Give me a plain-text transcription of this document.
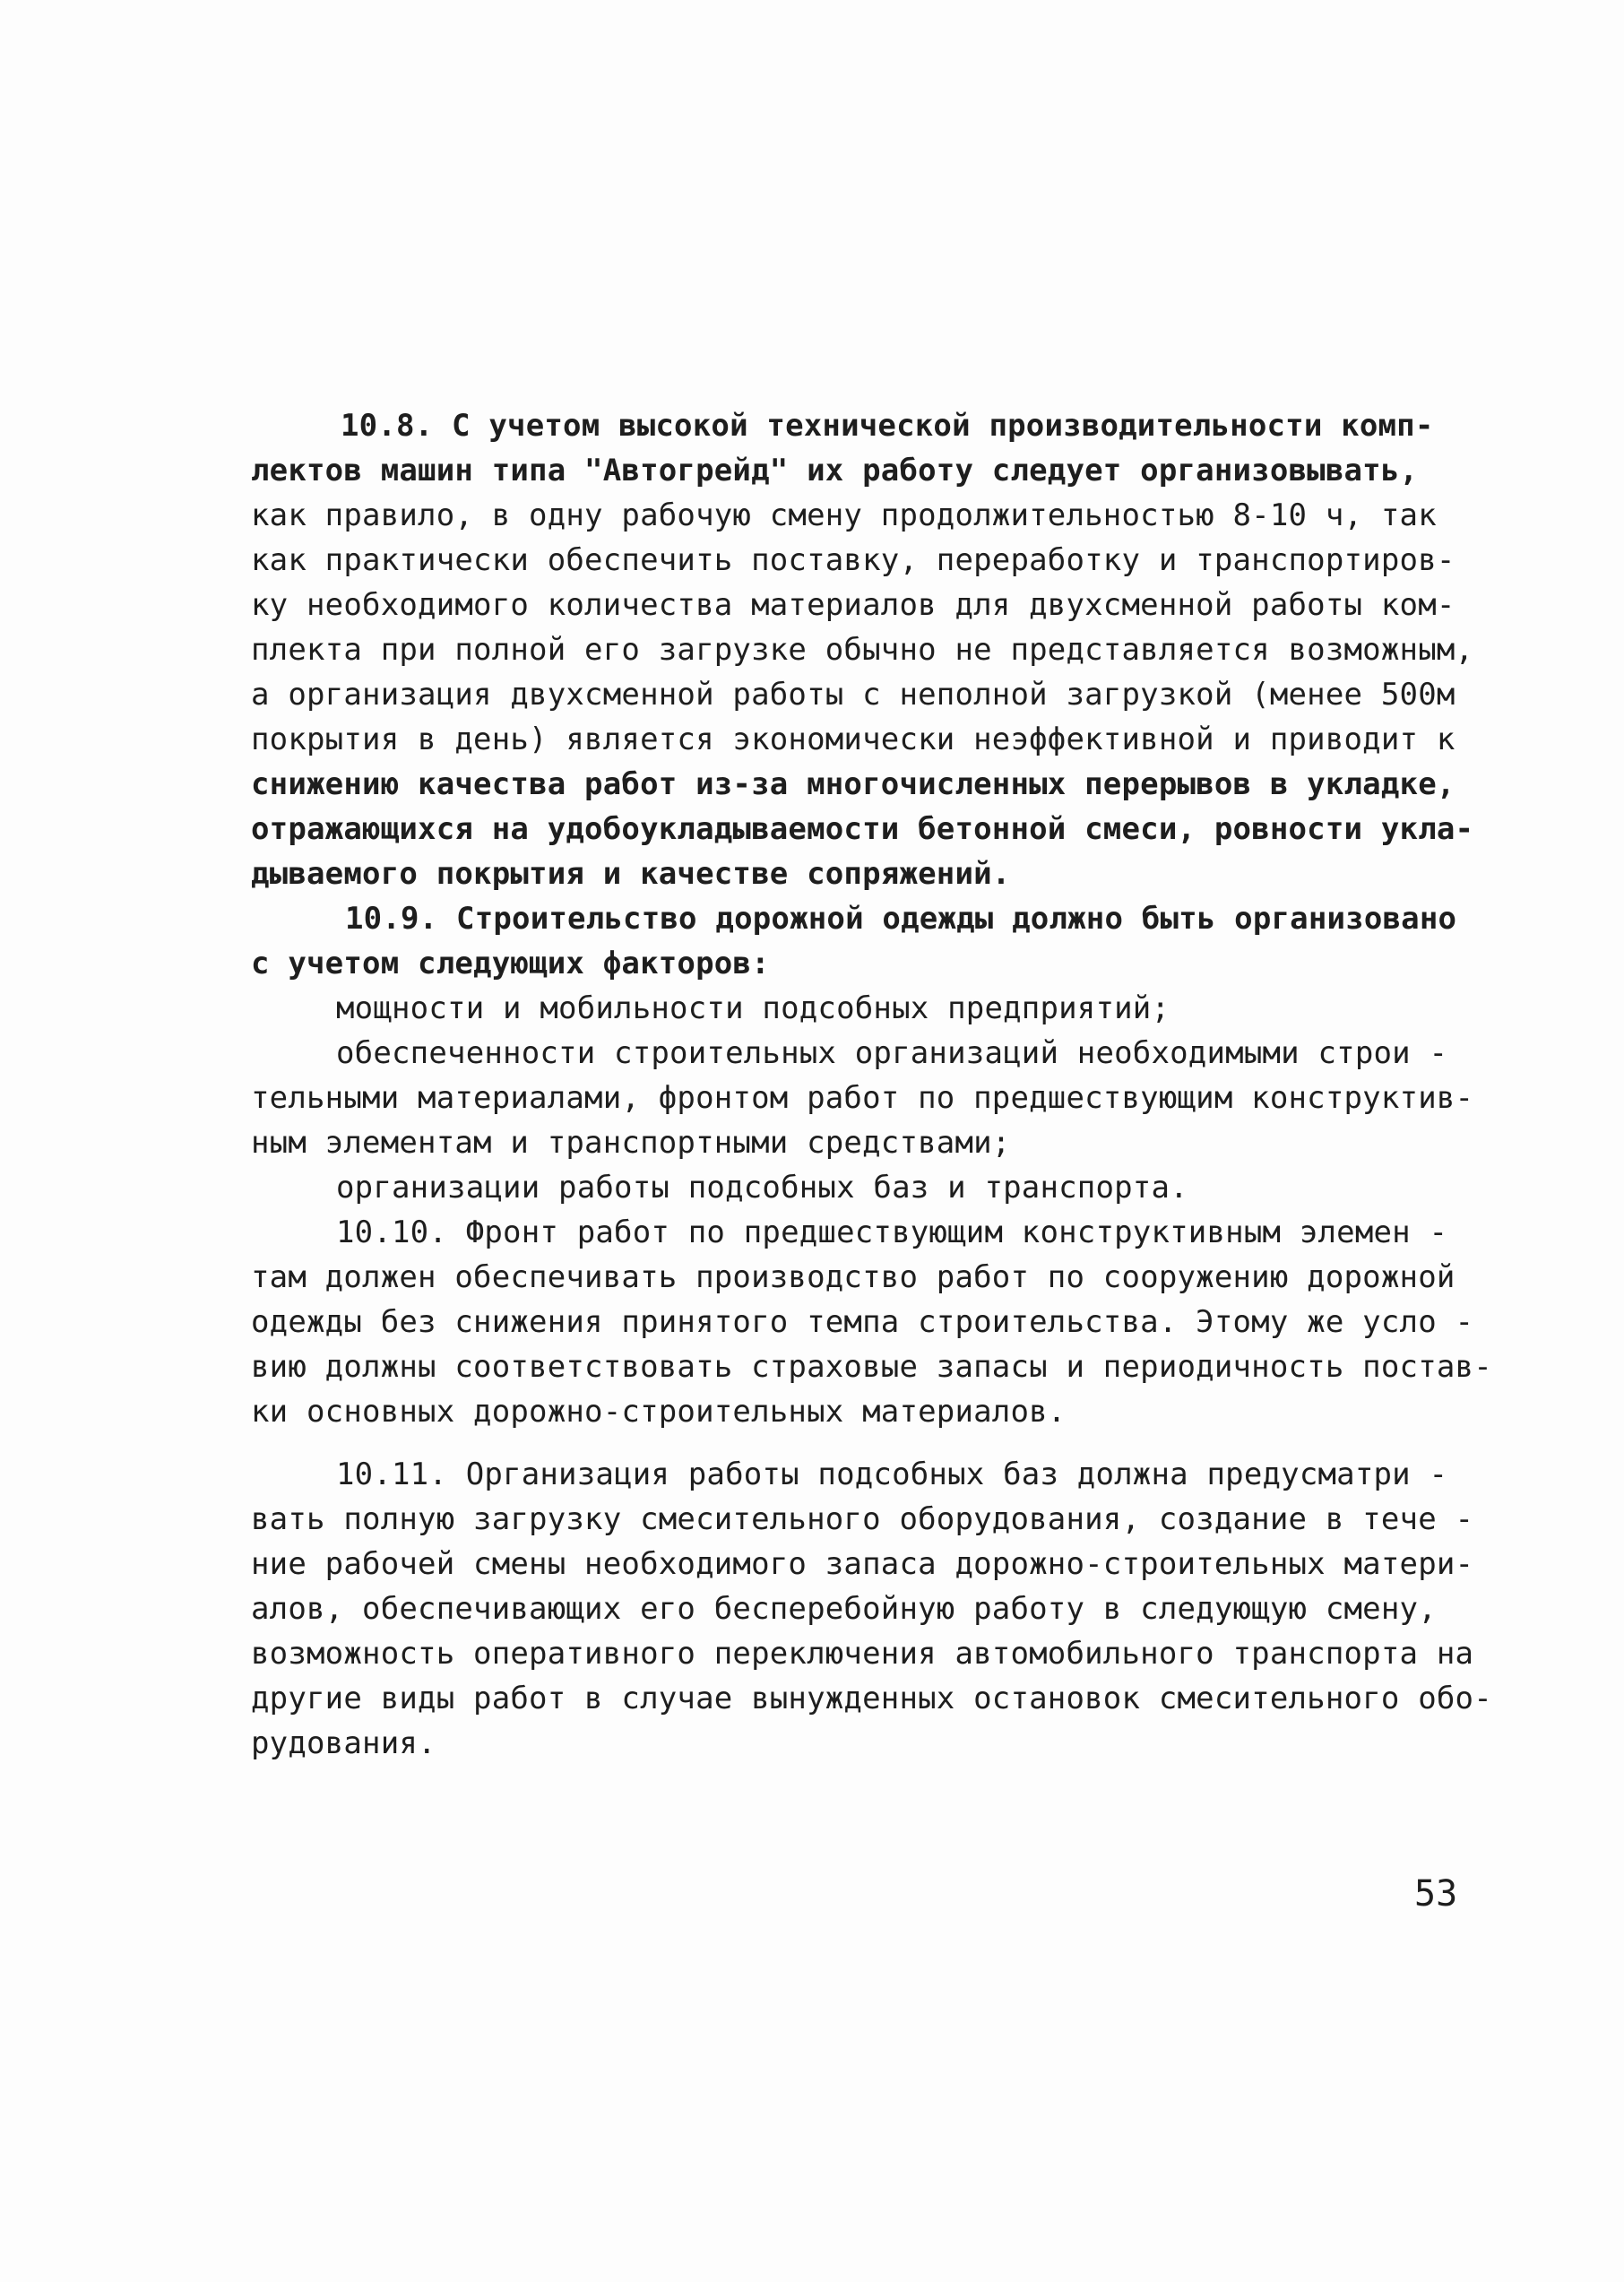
10.8. С учетом высокой технической производительности комп-
лектов машин типа "Автогрейд" их работу следует организовывать,
как правило, в одну рабочую смену продолжительностью 8-10 ч, так
как практически обеспечить поставку, переработку и транспортиров-
ку необходимого количества материалов для двухсменной работы ком-
плекта при полной его загрузке обычно не представляется возможным,
а организация двухсменной работы с неполной загрузкой (менее 500м
покрытия в день) является экономически неэффективной и приводит к
снижению качества работ из-за многочисленных перерывов в укладке,
отражающихся на удобоукладываемости бетонной смеси, ровности укла-
дываемого покрытия и качестве сопряжений.
10.9. Строительство дорожной одежды должно быть организовано
с учетом следующих факторов:
мощности и мобильности подсобных предприятий;
обеспеченности строительных организаций необходимыми строи -
тельными материалами, фронтом работ по предшествующим конструктив-
ным элементам и транспортными средствами;
организации работы подсобных баз и транспорта.
10.10. Фронт работ по предшествующим конструктивным элемен -
там должен обеспечивать производство работ по сооружению дорожной
одежды без снижения принятого темпа строительства. Этому же усло -
вию должны соответствовать страховые запасы и периодичность постав-
ки основных дорожно-строительных материалов.
10.11. Организация работы подсобных баз должна предусматри -
вать полную загрузку смесительного оборудования, создание в тече -
ние рабочей смены необходимого запаса дорожно-строительных матери-
алов, обеспечивающих его бесперебойную работу в следующую смену,
возможность оперативного переключения автомобильного транспорта на
другие виды работ в случае вынужденных остановок смесительного обо-
рудования.
53
